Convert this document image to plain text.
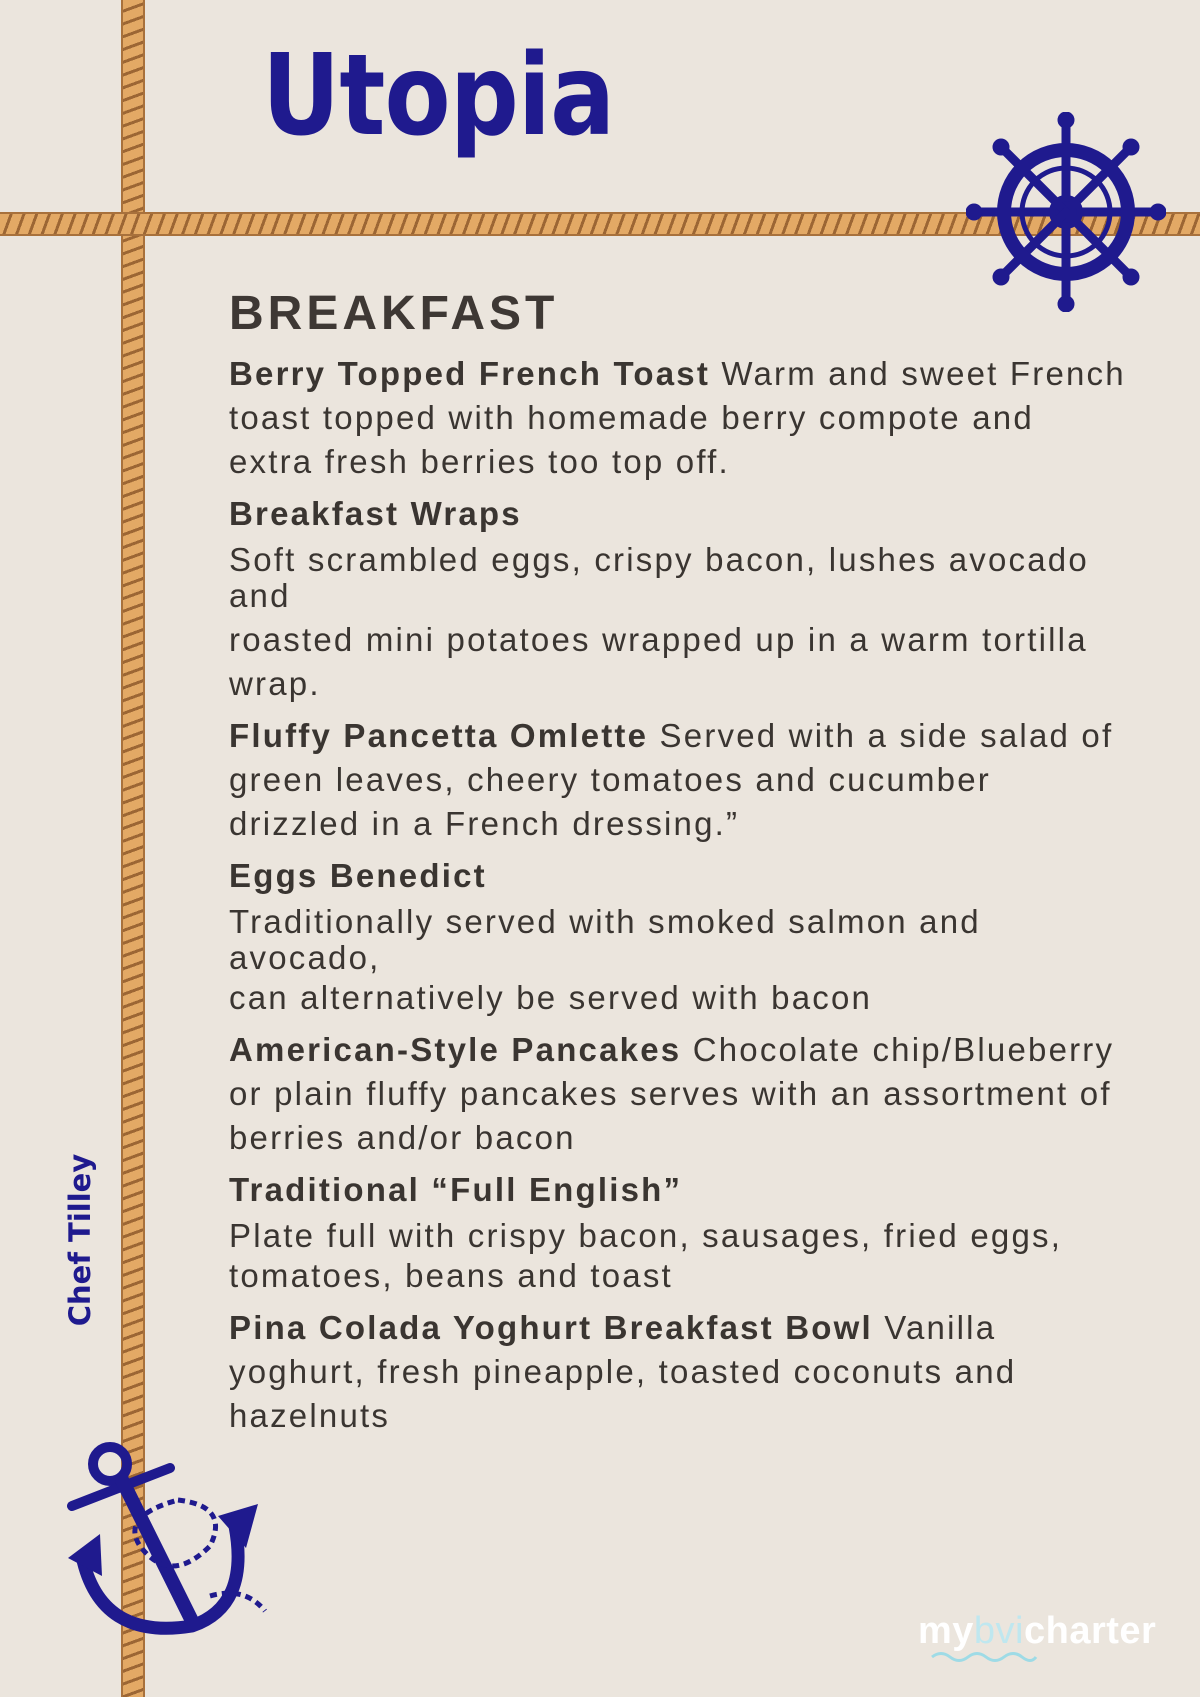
Utopia
Chef Tilley
BREAKFAST

Berry Topped French Toast Warm and sweet French toast topped with homemade berry compote and extra fresh berries too top off.

Breakfast Wraps

Soft scrambled eggs, crispy bacon, lushes avocado and

roasted mini potatoes wrapped up in a warm tortilla wrap.

Fluffy Pancetta Omlette Served with a side salad of green leaves, cheery tomatoes and cucumber drizzled in a French dressing.”

Eggs Benedict

Traditionally served with smoked salmon and avocado,

can alternatively be served with bacon

American-Style Pancakes Chocolate chip/Blueberry or plain fluffy pancakes serves with an assortment of berries and/or bacon

Traditional “Full English”

Plate full with crispy bacon, sausages, fried eggs,

tomatoes, beans and toast

Pina Colada Yoghurt Breakfast Bowl Vanilla yoghurt, fresh pineapple, toasted coconuts and hazelnuts

mybvicharter
